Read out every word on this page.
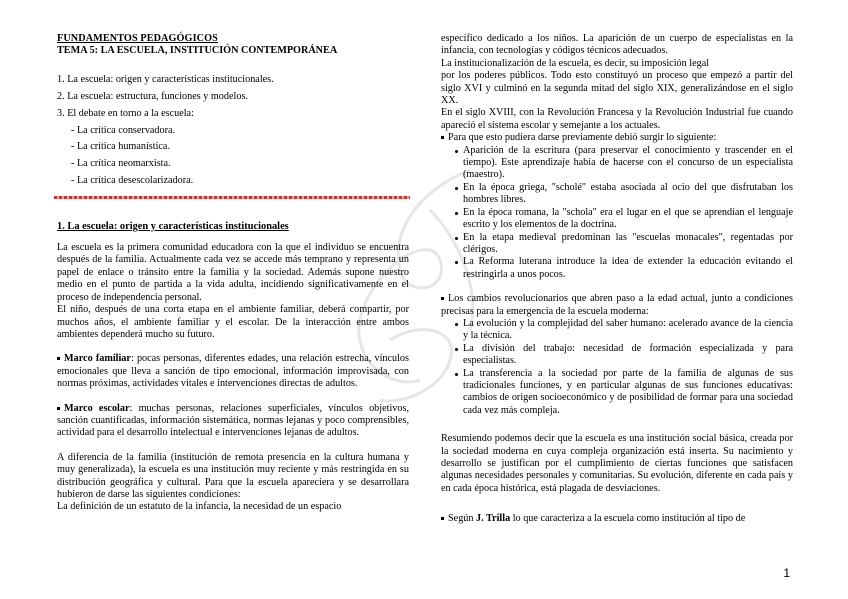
FUNDAMENTOS PEDAGÓGICOS
TEMA 5: LA ESCUELA, INSTITUCIÓN CONTEMPORÁNEA
1. La escuela: origen y características institucionales.
2. La escuela: estructura, funciones y modelos.
3. El debate en torno a la escuela:
- La crítica conservadora.
- La crítica humanística.
- La crítica neomarxista.
- La crítica desescolarizadora.
1. La escuela: origen y características institucionales

La escuela es la primera comunidad educadora con la que el individuo se encuentra después de la familia. Actualmente cada vez se accede más temprano y representa un papel de enlace o tránsito entre la familia y la sociedad. Además supone nuestro medio en el punto de partida a la vida adulta, incidiendo significativamente en el proceso de independencia personal.

El niño, después de una corta etapa en el ambiente familiar, deberá compartir, por muchos años, el ambiente familiar y el escolar. De la interacción entre ambos ambientes dependerá mucho su futuro.

Marco familiar: pocas personas, diferentes edades, una relación estrecha, vínculos emocionales que lleva a sanción de tipo emocional, información improvisada, con normas próximas, actividades vitales e intervenciones directas de adultos.

Marco escolar: muchas personas, relaciones superficiales, vínculos objetivos, sanción cuantificadas, información sistemática, normas lejanas y poco comprensibles, actividad para el desarrollo intelectual e intervenciones lejanas de adultos.

A diferencia de la familia (institución de remota presencia en la cultura humana y muy generalizada), la escuela es una institución muy reciente y más restringida en su distribución geográfica y cultural. Para que la escuela apareciera y se desarrollara hubieron de darse las siguientes condiciones:

La definición de un estatuto de la infancia, la necesidad de un espacio

específico dedicado a los niños. La aparición de un cuerpo de especialistas en la infancia, con tecnologías y códigos técnicos adecuados.

La institucionalización de la escuela, es decir, su imposición legal

por los poderes públicos. Todo esto constituyó un proceso que empezó a partir del siglo XVI y culminó en la segunda mitad del siglo XIX, generalizándose en el siglo XX.

En el siglo XVIII, con la Revolución Francesa y la Revolución Industrial fue cuando apareció el sistema escolar y semejante a los actuales.

Para que esto pudiera darse previamente debió surgir lo siguiente:

Aparición de la escritura (para preservar el conocimiento y trascender en el tiempo). Este aprendizaje había de hacerse con el concurso de un especialista (maestro).
En la época griega, "scholé" estaba asociada al ocio del que disfrutaban los hombres libres.
En la época romana, la "schola" era el lugar en el que se aprendían el lenguaje escrito y los elementos de la doctrina.
En la etapa medieval predominan las "escuelas monacales", regentadas por clérigos.
La Reforma luterana introduce la idea de extender la educación evitando el restringirla a unos pocos.

Los cambios revolucionarios que abren paso a la edad actual, junto a condiciones precisas para la emergencia de la escuela moderna:

La evolución y la complejidad del saber humano: acelerado avance de la ciencia y la técnica.
La división del trabajo: necesidad de formación especializada y para especialistas.
La transferencia a la sociedad por parte de la familia de algunas de sus tradicionales funciones, y en particular algunas de sus funciones educativas: cambios de origen socioeconómico y de posibilidad de formar para una sociedad cada vez más compleja.

Resumiendo podemos decir que la escuela es una institución social básica, creada por la sociedad moderna en cuya compleja organización está inserta. Su nacimiento y desarrollo se justifican por el cumplimiento de ciertas funciones que satisfacen algunas necesidades personales y comunitarias. Su evolución, diferente en cada país y en cada época histórica, está plagada de desviaciones.

Según J. Trilla lo que caracteriza a la escuela como institución al tipo de

1
